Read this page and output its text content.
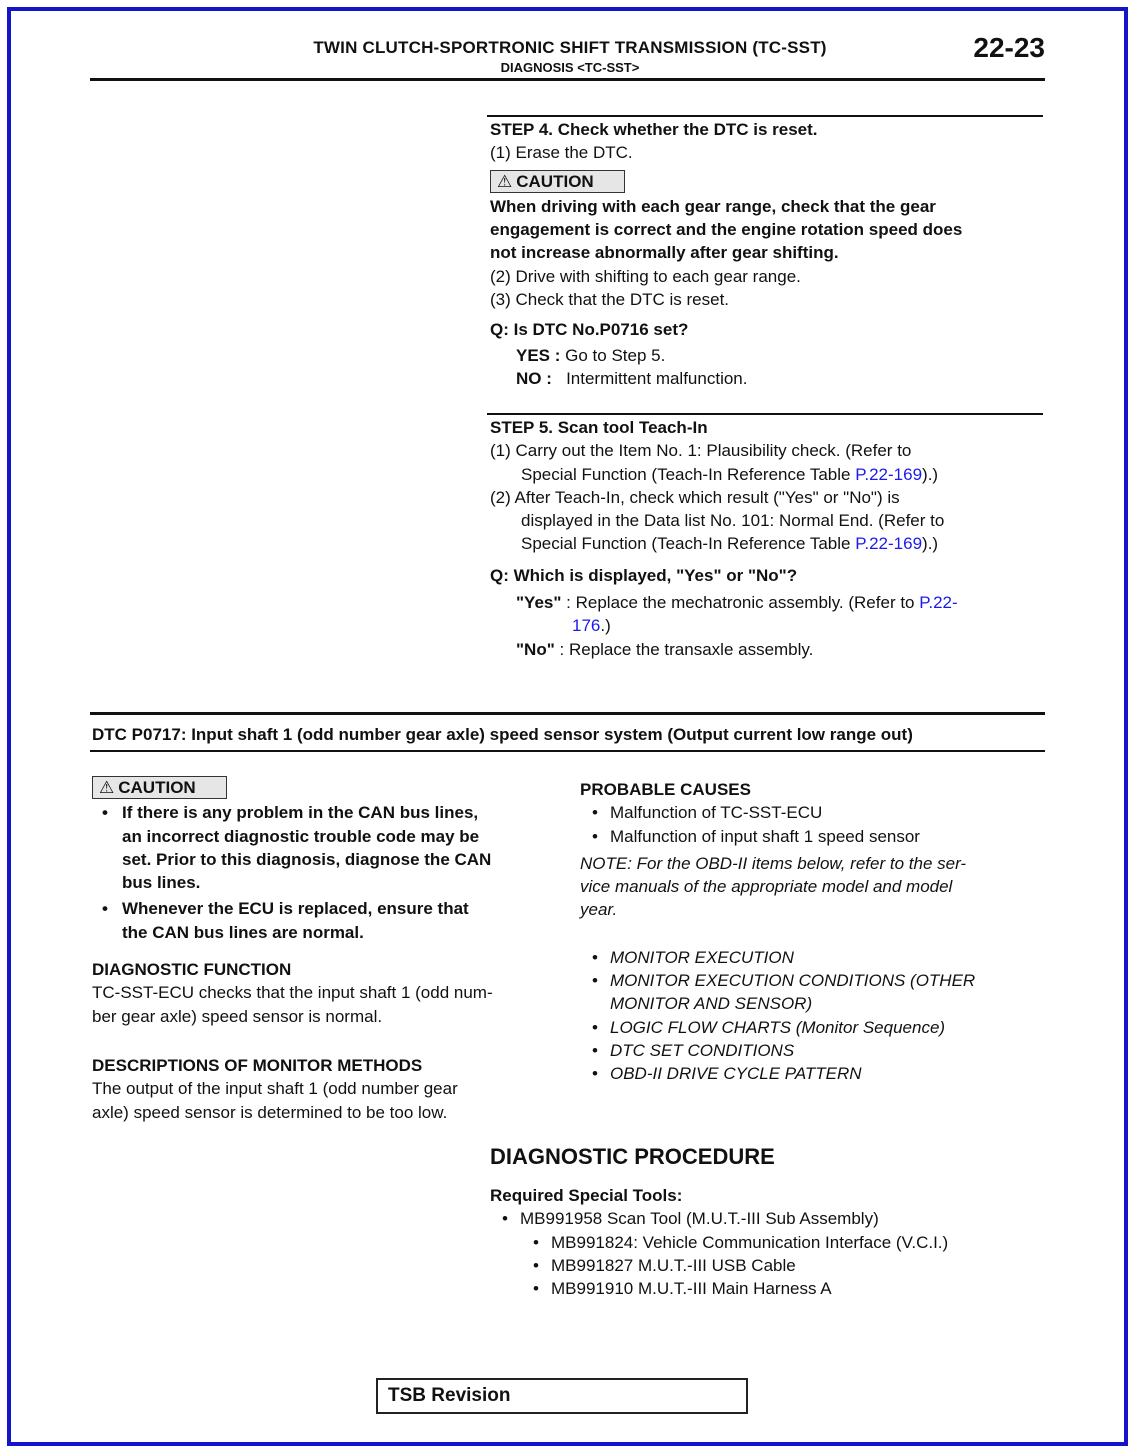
TWIN CLUTCH-SPORTRONIC SHIFT TRANSMISSION (TC-SST)
DIAGNOSIS <TC-SST>
22-23
STEP 4. Check whether the DTC is reset.
(1) Erase the DTC.
⚠ CAUTION
When driving with each gear range, check that the gear
engagement is correct and the engine rotation speed does
not increase abnormally after gear shifting.
(2) Drive with shifting to each gear range.
(3) Check that the DTC is reset.
Q: Is DTC No.P0716 set?
YES : Go to Step 5.
NO : Intermittent malfunction.
STEP 5. Scan tool Teach-In
(1) Carry out the Item No. 1: Plausibility check. (Refer to
Special Function (Teach-In Reference Table P.22-169).)
(2) After Teach-In, check which result ("Yes" or "No") is
displayed in the Data list No. 101: Normal End. (Refer to
Special Function (Teach-In Reference Table P.22-169).)
Q: Which is displayed, "Yes" or "No"?
"Yes" : Replace the mechatronic assembly. (Refer to P.22-
176.)
"No" : Replace the transaxle assembly.
DTC P0717: Input shaft 1 (odd number gear axle) speed sensor system (Output current low range out)
⚠ CAUTION
• If there is any problem in the CAN bus lines,
an incorrect diagnostic trouble code may be
set. Prior to this diagnosis, diagnose the CAN
bus lines.
• Whenever the ECU is replaced, ensure that
the CAN bus lines are normal.
DIAGNOSTIC FUNCTION
TC-SST-ECU checks that the input shaft 1 (odd num-
ber gear axle) speed sensor is normal.
DESCRIPTIONS OF MONITOR METHODS
The output of the input shaft 1 (odd number gear
axle) speed sensor is determined to be too low.
PROBABLE CAUSES
• Malfunction of TC-SST-ECU
• Malfunction of input shaft 1 speed sensor
NOTE: For the OBD-II items below, refer to the ser-
vice manuals of the appropriate model and model
year.
• MONITOR EXECUTION
• MONITOR EXECUTION CONDITIONS (OTHER
MONITOR AND SENSOR)
• LOGIC FLOW CHARTS (Monitor Sequence)
• DTC SET CONDITIONS
• OBD-II DRIVE CYCLE PATTERN
DIAGNOSTIC PROCEDURE
Required Special Tools:
• MB991958 Scan Tool (M.U.T.-III Sub Assembly)
• MB991824: Vehicle Communication Interface (V.C.I.)
• MB991827 M.U.T.-III USB Cable
• MB991910 M.U.T.-III Main Harness A
TSB Revision
